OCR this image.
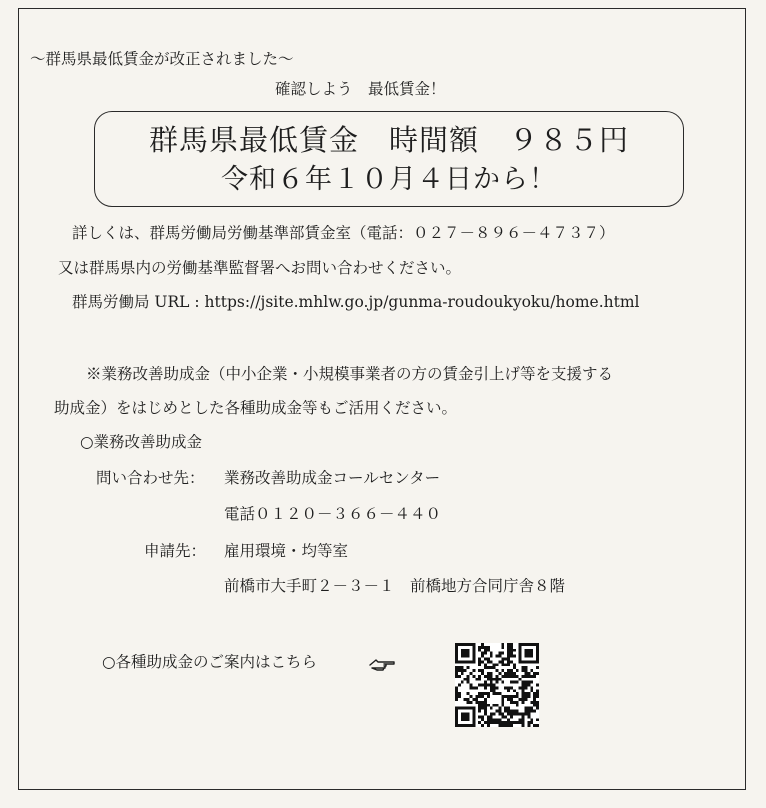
～群馬県最低賃金が改正されました～
確認しよう　最低賃金！
群馬県最低賃金　時間額　９８５円
令和６年１０月４日から！
詳しくは、群馬労働局労働基準部賃金室（電話：０２７－８９６－４７３７）
又は群馬県内の労働基準監督署へお問い合わせください。
群馬労働局 URL : https://jsite.mhlw.go.jp/gunma-roudoukyoku/home.html
※業務改善助成金（中小企業・小規模事業者の方の賃金引上げ等を支援する
助成金）をはじめとした各種助成金等もご活用ください。
○業務改善助成金
問い合わせ先： 業務改善助成金コールセンター
電話０１２０－３６６－４４０
申請先： 雇用環境・均等室
前橋市大手町２－３－１　前橋地方合同庁舎８階
○各種助成金のご案内はこちら
